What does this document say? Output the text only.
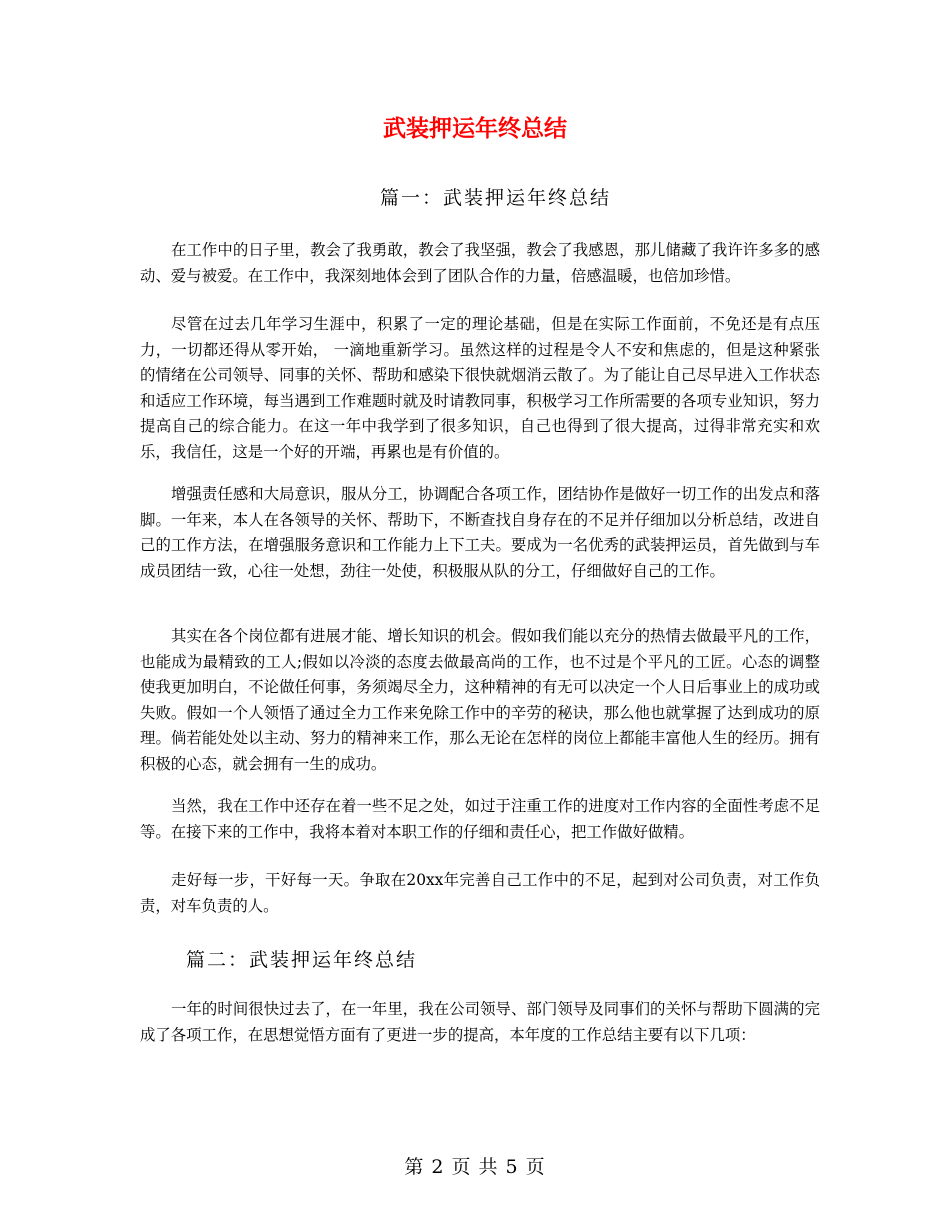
武装押运年终总结
篇一：武装押运年终总结

在工作中的日子里，教会了我勇敢，教会了我坚强，教会了我感恩，那儿储藏了我许许多多的感动、爱与被爱。在工作中，我深刻地体会到了团队合作的力量，倍感温暖，也倍加珍惜。

尽管在过去几年学习生涯中，积累了一定的理论基础，但是在实际工作面前，不免还是有点压力，一切都还得从零开始， 一滴地重新学习。虽然这样的过程是令人不安和焦虑的，但是这种紧张的情绪在公司领导、同事的关怀、帮助和感染下很快就烟消云散了。为了能让自己尽早进入工作状态和适应工作环境，每当遇到工作难题时就及时请教同事，积极学习工作所需要的各项专业知识，努力提高自己的综合能力。在这一年中我学到了很多知识，自己也得到了很大提高，过得非常充实和欢乐，我信任，这是一个好的开端，再累也是有价值的。

增强责任感和大局意识，服从分工，协调配合各项工作，团结协作是做好一切工作的出发点和落脚。一年来，本人在各领导的关怀、帮助下，不断查找自身存在的不足并仔细加以分析总结，改进自己的工作方法，在增强服务意识和工作能力上下工夫。要成为一名优秀的武装押运员，首先做到与车成员团结一致，心往一处想，劲往一处使，积极服从队的分工，仔细做好自己的工作。

其实在各个岗位都有进展才能、增长知识的机会。假如我们能以充分的热情去做最平凡的工作，也能成为最精致的工人;假如以冷淡的态度去做最高尚的工作，也不过是个平凡的工匠。心态的调整使我更加明白，不论做任何事，务须竭尽全力，这种精神的有无可以决定一个人日后事业上的成功或失败。假如一个人领悟了通过全力工作来免除工作中的辛劳的秘诀，那么他也就掌握了达到成功的原理。倘若能处处以主动、努力的精神来工作，那么无论在怎样的岗位上都能丰富他人生的经历。拥有积极的心态，就会拥有一生的成功。

当然，我在工作中还存在着一些不足之处，如过于注重工作的进度对工作内容的全面性考虑不足等。在接下来的工作中，我将本着对本职工作的仔细和责任心，把工作做好做精。

走好每一步，干好每一天。争取在20xx年完善自己工作中的不足，起到对公司负责，对工作负责，对车负责的人。

篇二：武装押运年终总结

一年的时间很快过去了，在一年里，我在公司领导、部门领导及同事们的关怀与帮助下圆满的完成了各项工作，在思想觉悟方面有了更进一步的提高，本年度的工作总结主要有以下几项：

第 2 页 共 5 页
